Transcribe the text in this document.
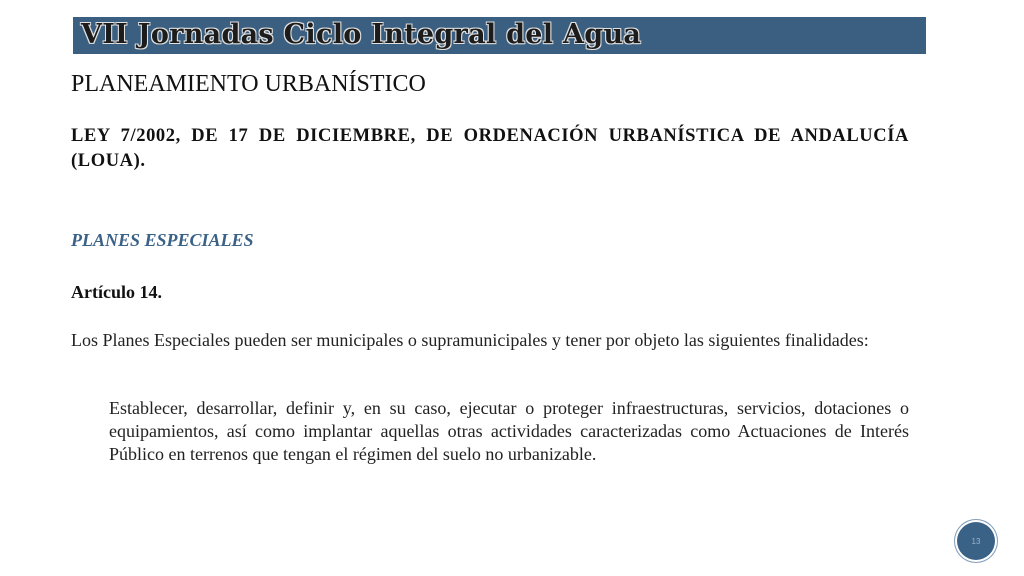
VII Jornadas Ciclo Integral del Agua
PLANEAMIENTO URBANÍSTICO
LEY 7/2002, DE 17 DE DICIEMBRE, DE ORDENACIÓN URBANÍSTICA DE ANDALUCÍA (LOUA).
PLANES ESPECIALES
Artículo 14.
Los Planes Especiales pueden ser municipales o supramunicipales y tener por objeto las siguientes finalidades:
Establecer, desarrollar, definir y, en su caso, ejecutar o proteger infraestructuras, servicios, dotaciones o equipamientos, así como implantar aquellas otras actividades caracterizadas como Actuaciones de Interés Público en terrenos que tengan el régimen del suelo no urbanizable.
13
